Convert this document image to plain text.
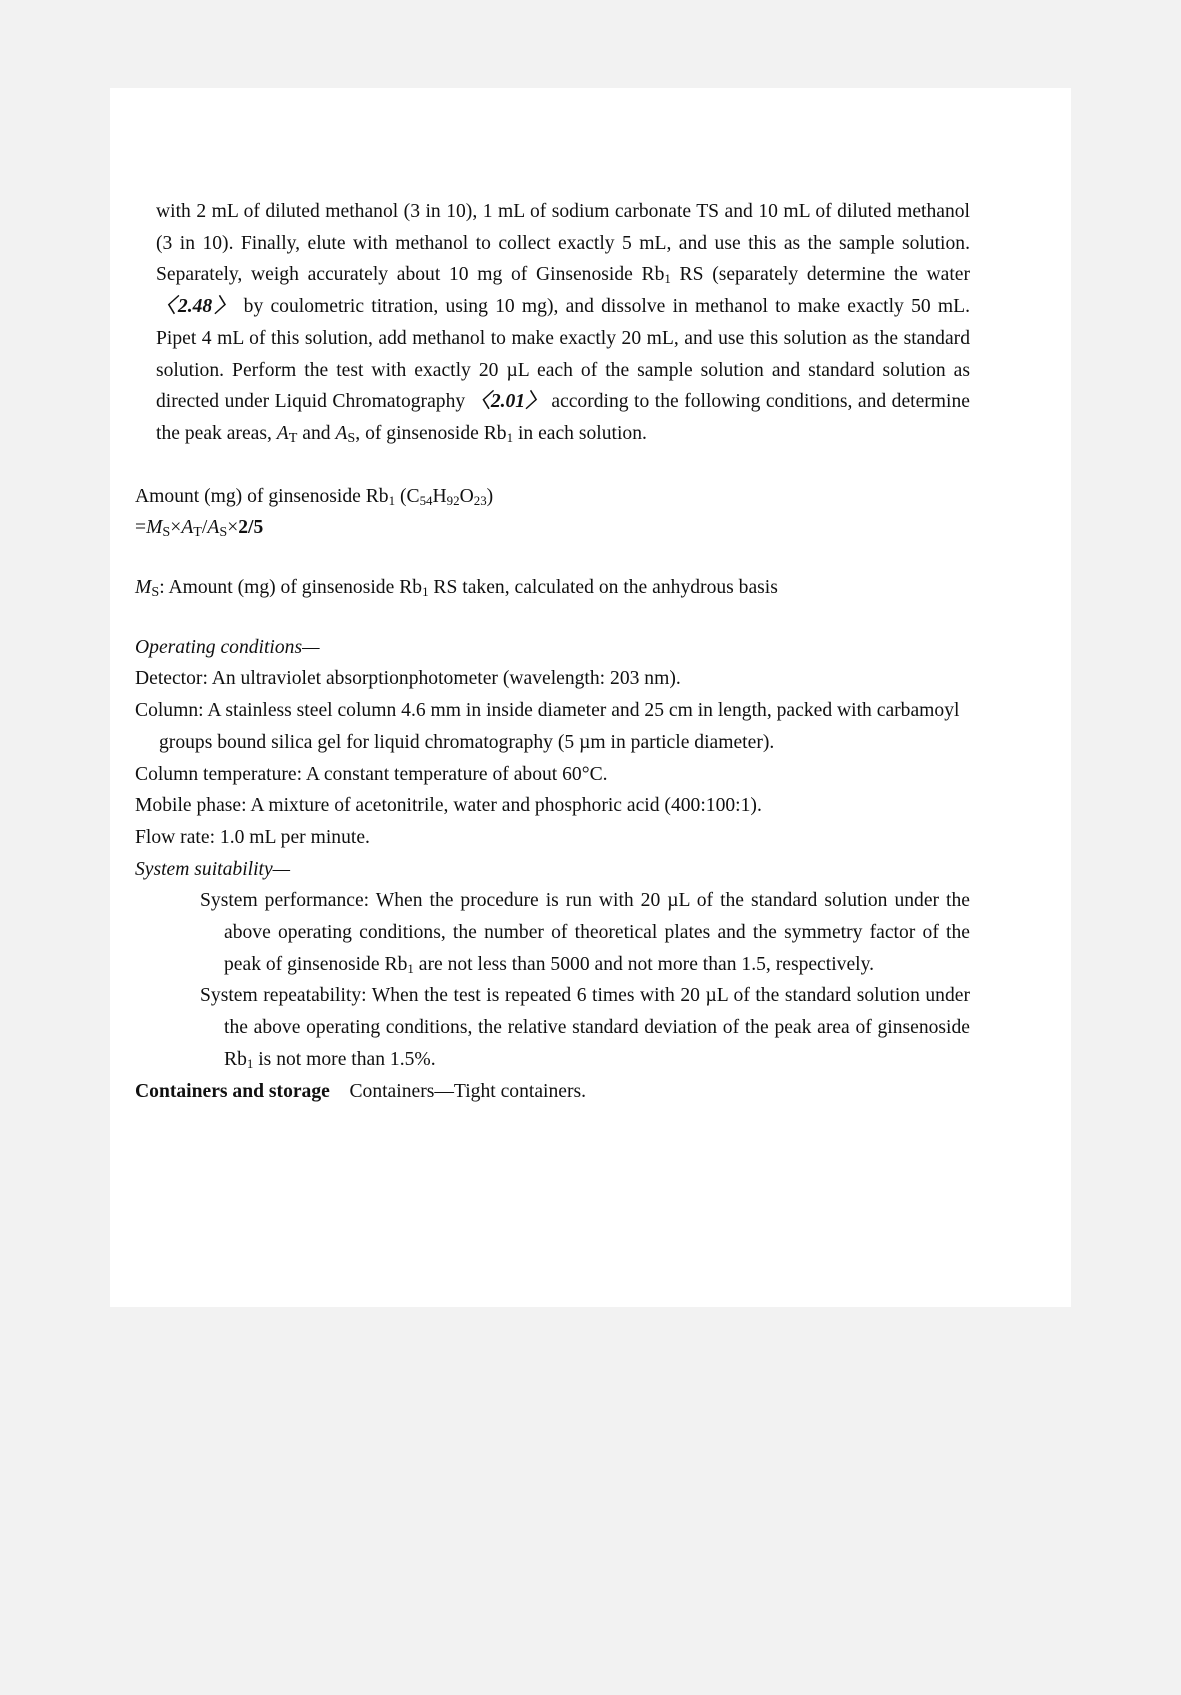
with 2 mL of diluted methanol (3 in 10), 1 mL of sodium carbonate TS and 10 mL of diluted methanol (3 in 10). Finally, elute with methanol to collect exactly 5 mL, and use this as the sample solution. Separately, weigh accurately about 10 mg of Ginsenoside $Rb_1$ RS (separately determine the water 〈2.48〉 by coulometric titration, using 10 mg), and dissolve in methanol to make exactly 50 mL. Pipet 4 mL of this solution, add methanol to make exactly 20 mL, and use this solution as the standard solution. Perform the test with exactly 20 µL each of the sample solution and standard solution as directed under Liquid Chromatography 〈2.01〉 according to the following conditions, and determine the peak areas, AT and AS, of ginsenoside $Rb_1$ in each solution.

Amount (mg) of ginsenoside $Rb_1$ $(C_{54}H_{92}O_{23})$
=MS×AT/AS×2/5
MS: Amount (mg) of ginsenoside $Rb_1$ RS taken, calculated on the anhydrous basis
Operating conditions—
Detector: An ultraviolet absorptionphotometer (wavelength: 203 nm).
Column: A stainless steel column 4.6 mm in inside diameter and 25 cm in length, packed with carbamoyl groups bound silica gel for liquid chromatography (5 µm in particle diameter).
Column temperature: A constant temperature of about 60°C.
Mobile phase: A mixture of acetonitrile, water and phosphoric acid (400:100:1).
Flow rate: 1.0 mL per minute.
System suitability—

System performance: When the procedure is run with 20 µL of the standard solution under the above operating conditions, the number of theoretical plates and the symmetry factor of the peak of ginsenoside $Rb_1$ are not less than 5000 and not more than 1.5, respectively.

System repeatability: When the test is repeated 6 times with 20 µL of the standard solution under the above operating conditions, the relative standard deviation of the peak area of ginsenoside $Rb_1$ is not more than 1.5%.

Containers and storage  Containers—Tight containers.
